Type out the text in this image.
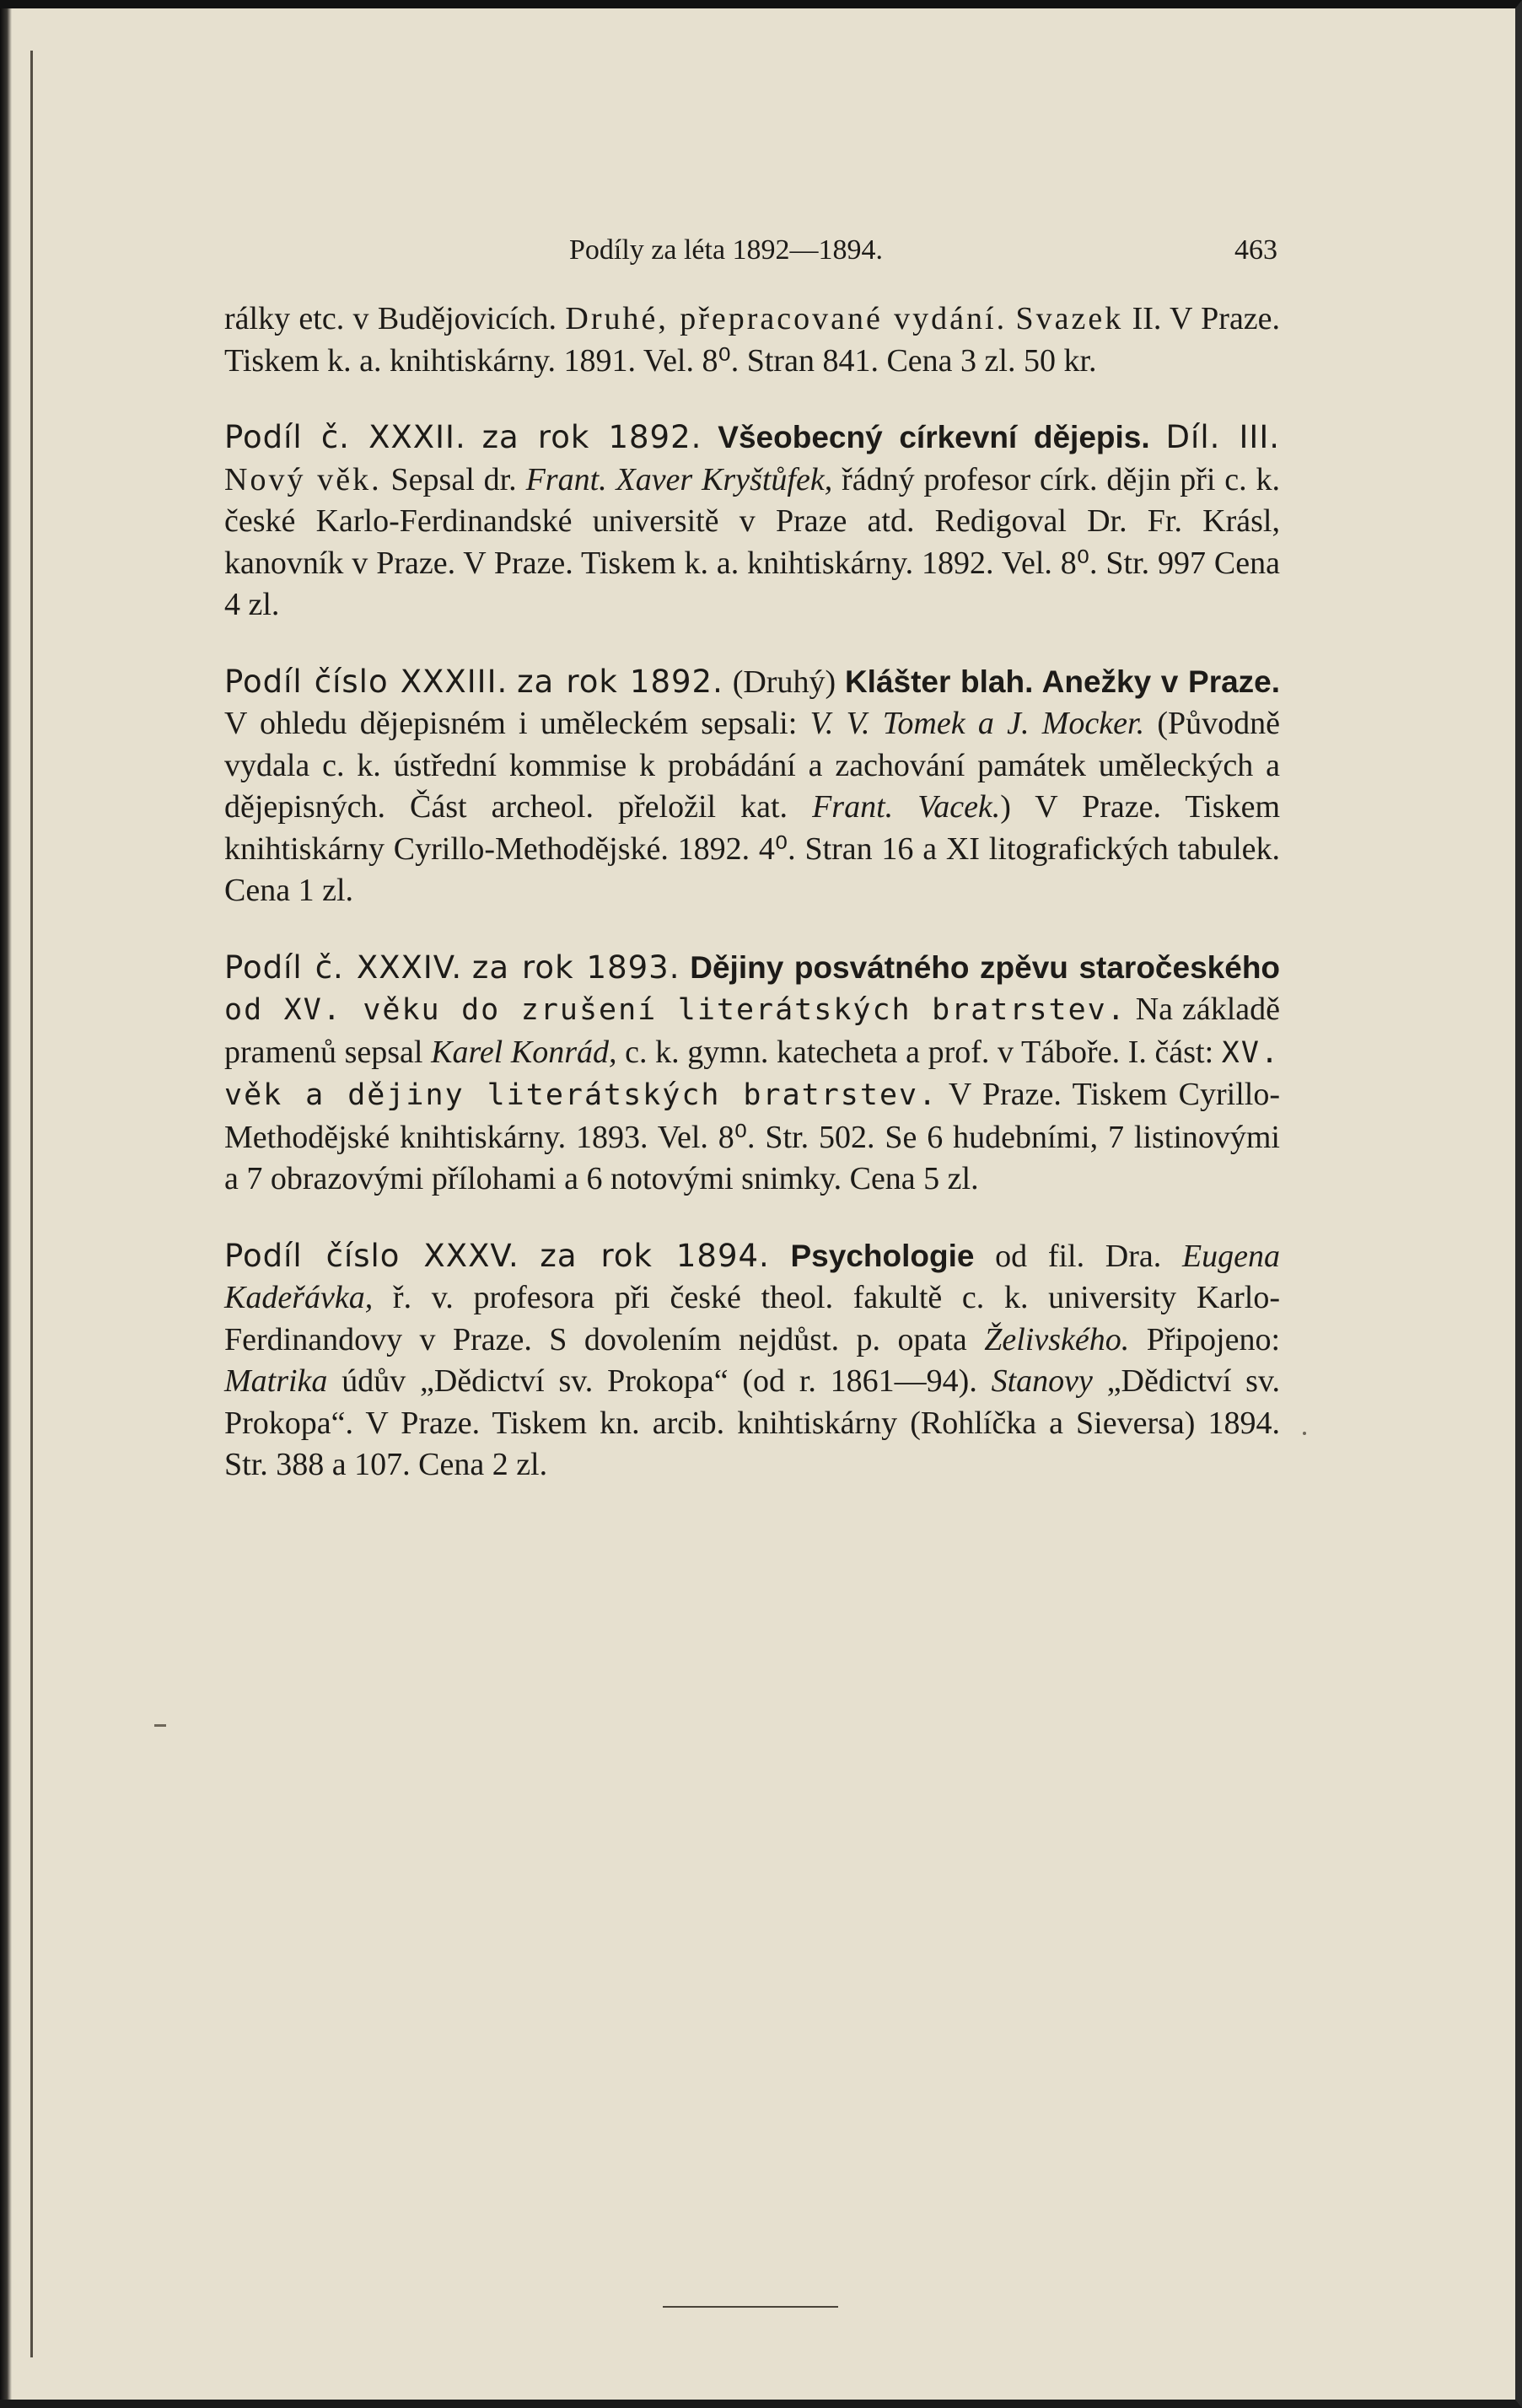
Podíly za léta 1892—1894.	463

rálky etc. v Budějovicích. Druhé, přepracované vydání. Svazek II. V Praze. Tiskem k. a. knihtiskárny. 1891. Vel. 8⁰. Stran 841. Cena 3 zl. 50 kr.

Podíl č. XXXII. za rok 1892. Všeobecný církevní dějepis. Díl. III. Nový věk. Sepsal dr. Frant. Xaver Kryštůfek, řádný profesor círk. dějin při c. k. české Karlo-Ferdinandské universitě v Praze atd. Redigoval Dr. Fr. Krásl, kanovník v Praze. V Praze. Tiskem k. a. knihtiskárny. 1892. Vel. 8⁰. Str. 997 Cena 4 zl.

Podíl číslo XXXIII. za rok 1892. (Druhý) Klášter blah. Anežky v Praze. V ohledu dějepisném i uměleckém sepsali: V. V. Tomek a J. Mocker. (Původně vydala c. k. ústřední kommise k probádání a zachování památek uměleckých a dějepisných. Část archeol. přeložil kat. Frant. Vacek.) V Praze. Tiskem knihtiskárny Cyrillo-Methodějské. 1892. 4⁰. Stran 16 a XI litografických tabulek. Cena 1 zl.

Podíl č. XXXIV. za rok 1893. Dějiny posvátného zpěvu staročeského od XV. věku do zrušení literátských bratrstev. Na základě pramenů sepsal Karel Konrád, c. k. gymn. katecheta a prof. v Táboře. I. část: XV. věk a dějiny literátských bratrstev. V Praze. Tiskem Cyrillo-Methodějské knihtiskárny. 1893. Vel. 8⁰. Str. 502. Se 6 hudebními, 7 listinovými a 7 obrazovými přílohami a 6 notovými snimky. Cena 5 zl.

Podíl číslo XXXV. za rok 1894. Psychologie od fil. Dra. Eugena Kadeřávka, ř. v. profesora při české theol. fakultě c. k. university Karlo-Ferdinandovy v Praze. S dovolením nejdůst. p. opata Želivského. Připojeno: Matrika údův „Dědictví sv. Prokopa“ (od r. 1861—94). Stanovy „Dědictví sv. Prokopa“. V Praze. Tiskem kn. arcib. knihtiskárny (Rohlíčka a Sieversa) 1894. Str. 388 a 107. Cena 2 zl.
